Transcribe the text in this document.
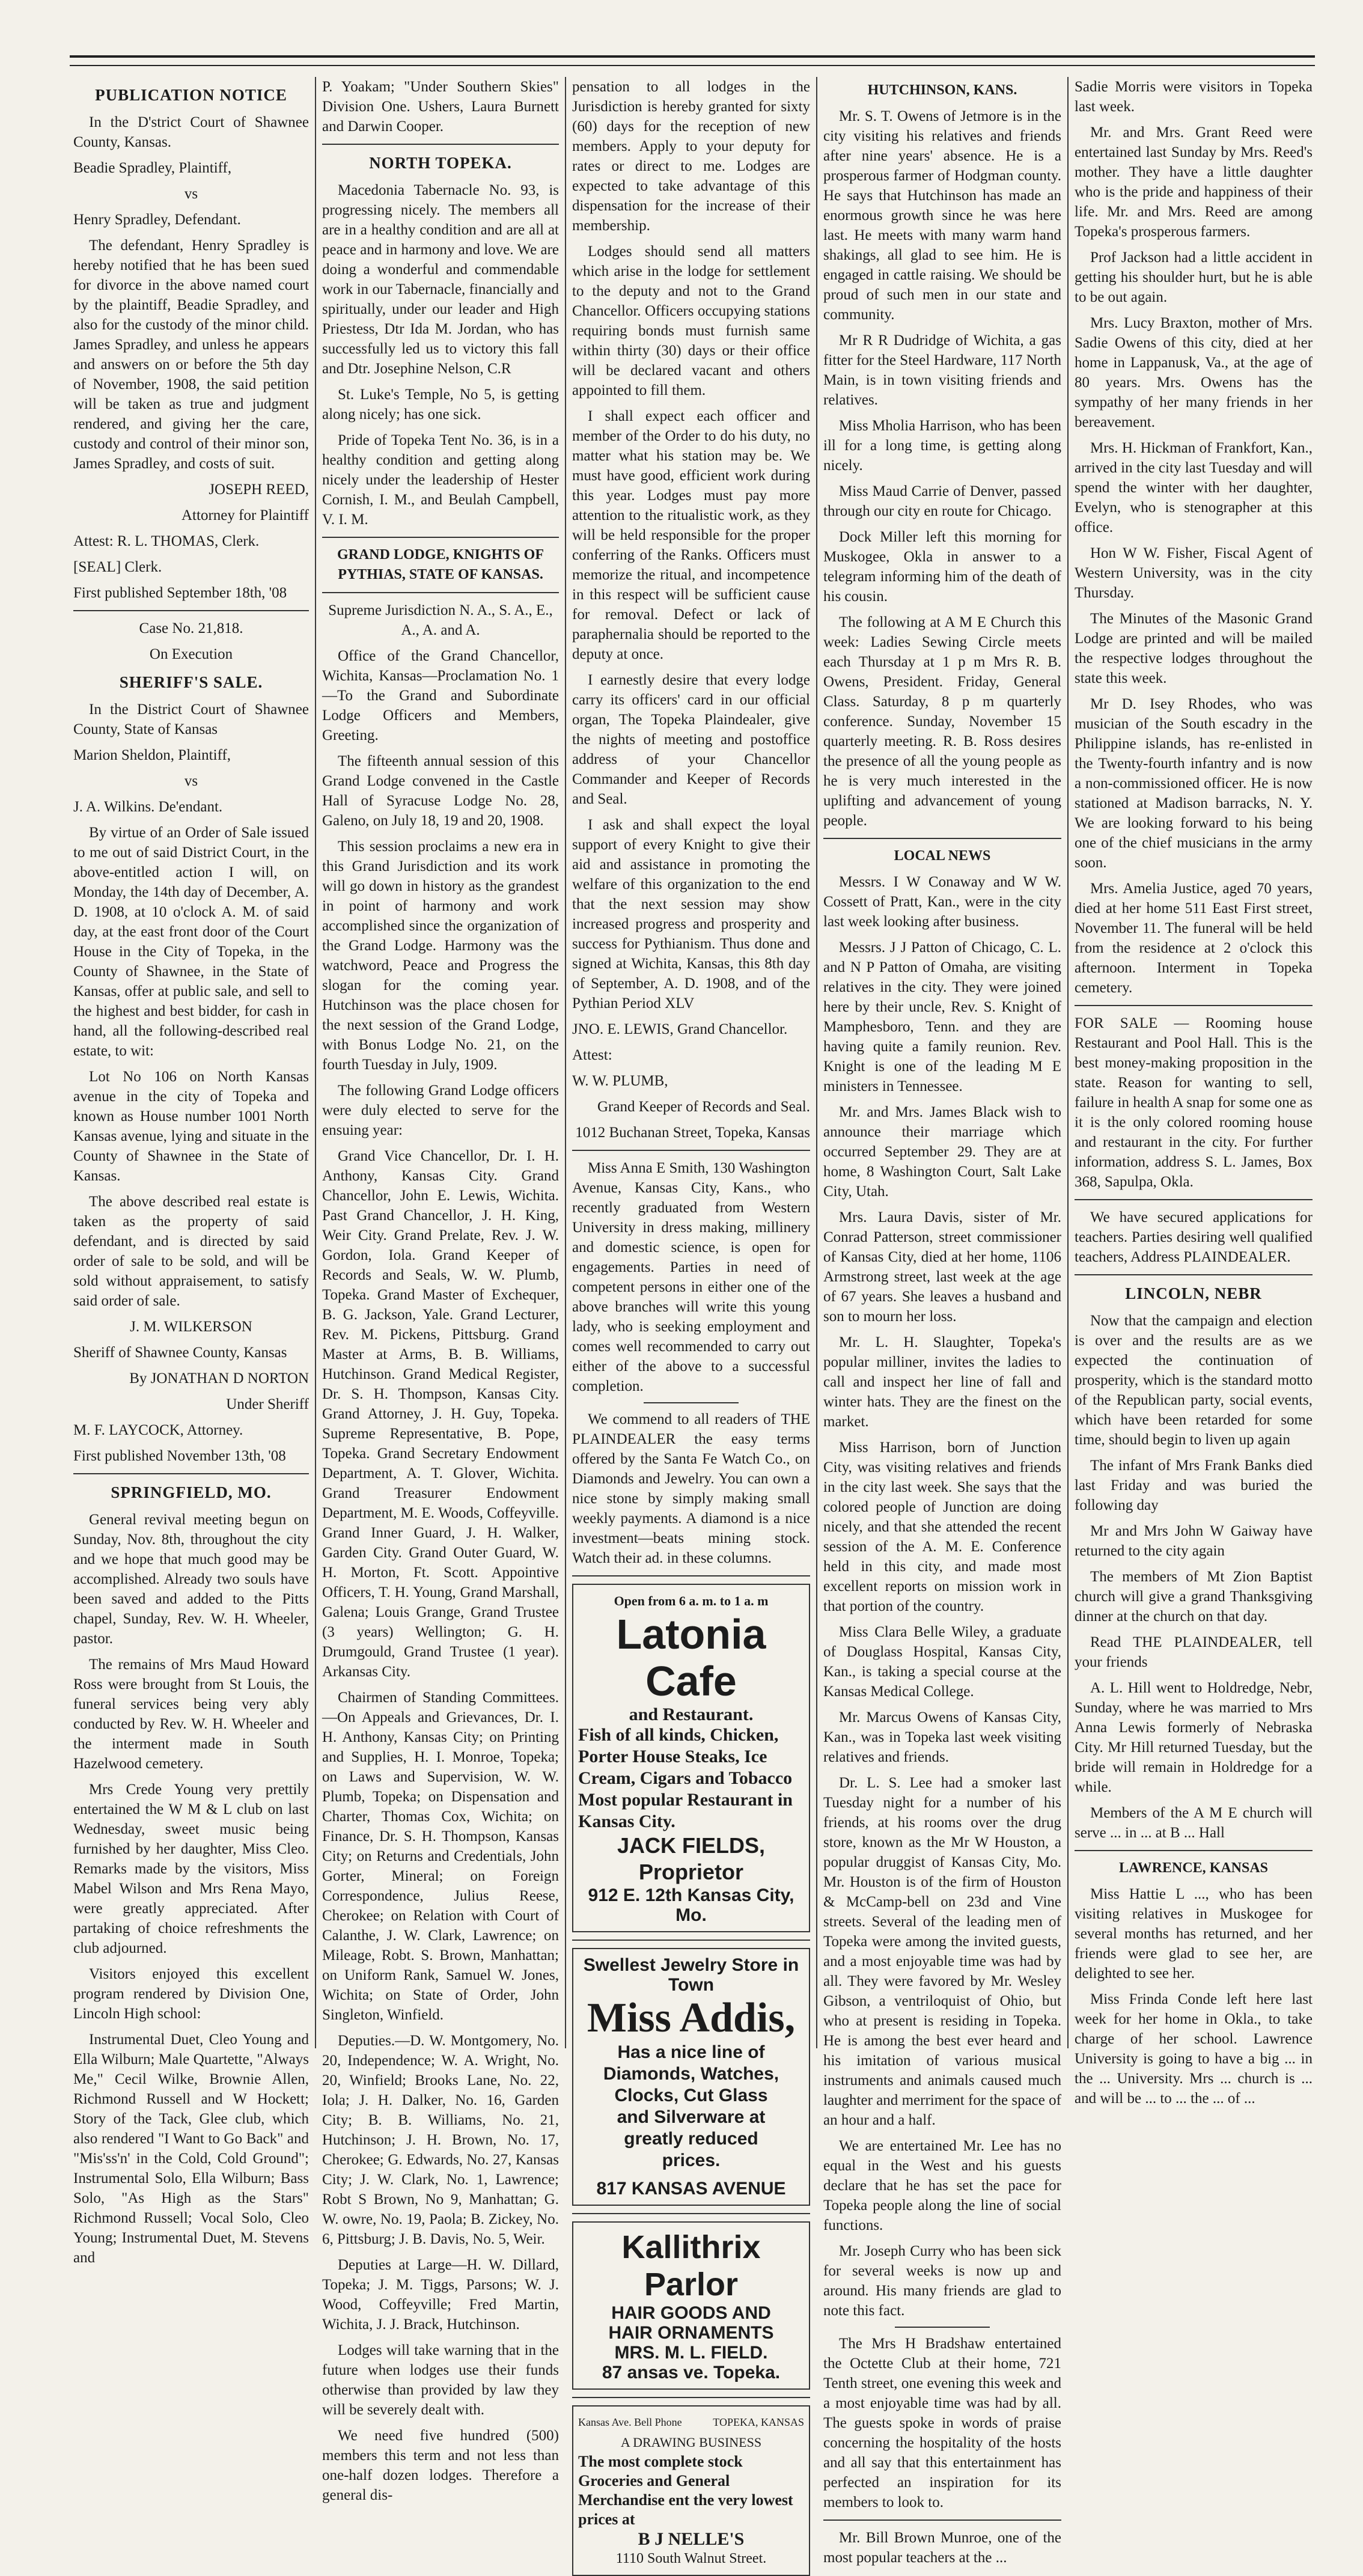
PUBLICATION NOTICE

In the D'strict Court of Shawnee County, Kansas.

Beadie Spradley, Plaintiff,

vs

Henry Spradley, Defendant.

The defendant, Henry Spradley is hereby notified that he has been sued for divorce in the above named court by the plaintiff, Beadie Spradley, and also for the custody of the minor child. James Spradley, and unless he appears and answers on or before the 5th day of November, 1908, the said petition will be taken as true and judgment rendered, and giving her the care, custody and control of their minor son, James Spradley, and costs of suit.

JOSEPH REED,

Attorney for Plaintiff

Attest: R. L. THOMAS, Clerk.

[SEAL] Clerk.

First published September 18th, '08

Case No. 21,818.

On Execution

SHERIFF'S SALE.

In the District Court of Shawnee County, State of Kansas

Marion Sheldon, Plaintiff,

vs

J. A. Wilkins. De'endant.

By virtue of an Order of Sale issued to me out of said District Court, in the above-entitled action I will, on Monday, the 14th day of December, A. D. 1908, at 10 o'clock A. M. of said day, at the east front door of the Court House in the City of Topeka, in the County of Shawnee, in the State of Kansas, offer at public sale, and sell to the highest and best bidder, for cash in hand, all the following-described real estate, to wit:

Lot No 106 on North Kansas avenue in the city of Topeka and known as House number 1001 North Kansas avenue, lying and situate in the County of Shawnee in the State of Kansas.

The above described real estate is taken as the property of said defendant, and is directed by said order of sale to be sold, and will be sold without appraisement, to satisfy said order of sale.

J. M. WILKERSON

Sheriff of Shawnee County, Kansas

By JONATHAN D NORTON

Under Sheriff

M. F. LAYCOCK, Attorney.

First published November 13th, '08

SPRINGFIELD, MO.

General revival meeting begun on Sunday, Nov. 8th, throughout the city and we hope that much good may be accomplished. Already two souls have been saved and added to the Pitts chapel, Sunday, Rev. W. H. Wheeler, pastor.

The remains of Mrs Maud Howard Ross were brought from St Louis, the funeral services being very ably conducted by Rev. W. H. Wheeler and the interment made in South Hazelwood cemetery.

Mrs Crede Young very prettily entertained the W M & L club on last Wednesday, sweet music being furnished by her daughter, Miss Cleo. Remarks made by the visitors, Miss Mabel Wilson and Mrs Rena Mayo, were greatly appreciated. After partaking of choice refreshments the club adjourned.

Visitors enjoyed this excellent program rendered by Division One, Lincoln High school:

Instrumental Duet, Cleo Young and Ella Wilburn; Male Quartette, "Always Me," Cecil Wilke, Brownie Allen, Richmond Russell and W Hockett; Story of the Tack, Glee club, which also rendered "I Want to Go Back" and "Mis'ss'n' in the Cold, Cold Ground"; Instrumental Solo, Ella Wilburn; Bass Solo, "As High as the Stars" Richmond Russell; Vocal Solo, Cleo Young; Instrumental Duet, M. Stevens and

P. Yoakam; "Under Southern Skies" Division One. Ushers, Laura Burnett and Darwin Cooper.

NORTH TOPEKA.

Macedonia Tabernacle No. 93, is progressing nicely. The members all are in a healthy condition and are all at peace and in harmony and love. We are doing a wonderful and commendable work in our Tabernacle, financially and spiritually, under our leader and High Priestess, Dtr Ida M. Jordan, who has successfully led us to victory this fall and Dtr. Josephine Nelson, C.R

St. Luke's Temple, No 5, is getting along nicely; has one sick.

Pride of Topeka Tent No. 36, is in a healthy condition and getting along nicely under the leadership of Hester Cornish, I. M., and Beulah Campbell, V. I. M.

GRAND LODGE, KNIGHTS OF PYTHIAS, STATE OF KANSAS.

Supreme Jurisdiction N. A., S. A., E., A., A. and A.

Office of the Grand Chancellor, Wichita, Kansas—Proclamation No. 1—To the Grand and Subordinate Lodge Officers and Members, Greeting.

The fifteenth annual session of this Grand Lodge convened in the Castle Hall of Syracuse Lodge No. 28, Galeno, on July 18, 19 and 20, 1908.

This session proclaims a new era in this Grand Jurisdiction and its work will go down in history as the grandest in point of harmony and work accomplished since the organization of the Grand Lodge. Harmony was the watchword, Peace and Progress the slogan for the coming year. Hutchinson was the place chosen for the next session of the Grand Lodge, with Bonus Lodge No. 21, on the fourth Tuesday in July, 1909.

The following Grand Lodge officers were duly elected to serve for the ensuing year:

Grand Vice Chancellor, Dr. I. H. Anthony, Kansas City. Grand Chancellor, John E. Lewis, Wichita. Past Grand Chancellor, J. H. King, Weir City. Grand Prelate, Rev. J. W. Gordon, Iola. Grand Keeper of Records and Seals, W. W. Plumb, Topeka. Grand Master of Exchequer, B. G. Jackson, Yale. Grand Lecturer, Rev. M. Pickens, Pittsburg. Grand Master at Arms, B. B. Williams, Hutchinson. Grand Medical Register, Dr. S. H. Thompson, Kansas City. Grand Attorney, J. H. Guy, Topeka. Supreme Representative, B. Pope, Topeka. Grand Secretary Endowment Department, A. T. Glover, Wichita. Grand Treasurer Endowment Department, M. E. Woods, Coffeyville. Grand Inner Guard, J. H. Walker, Garden City. Grand Outer Guard, W. H. Morton, Ft. Scott. Appointive Officers, T. H. Young, Grand Marshall, Galena; Louis Grange, Grand Trustee (3 years) Wellington; G. H. Drumgould, Grand Trustee (1 year). Arkansas City.

Chairmen of Standing Committees.—On Appeals and Grievances, Dr. I. H. Anthony, Kansas City; on Printing and Supplies, H. I. Monroe, Topeka; on Laws and Supervision, W. W. Plumb, Topeka; on Dispensation and Charter, Thomas Cox, Wichita; on Finance, Dr. S. H. Thompson, Kansas City; on Returns and Credentials, John Gorter, Mineral; on Foreign Correspondence, Julius Reese, Cherokee; on Relation with Court of Calanthe, J. W. Clark, Lawrence; on Mileage, Robt. S. Brown, Manhattan; on Uniform Rank, Samuel W. Jones, Wichita; on State of Order, John Singleton, Winfield.

Deputies.—D. W. Montgomery, No. 20, Independence; W. A. Wright, No. 20, Winfield; Brooks Lane, No. 22, Iola; J. H. Dalker, No. 16, Garden City; B. B. Williams, No. 21, Hutchinson; J. H. Brown, No. 17, Cherokee; G. Edwards, No. 27, Kansas City; J. W. Clark, No. 1, Lawrence; Robt S Brown, No 9, Manhattan; G. W. owre, No. 19, Paola; B. Zickey, No. 6, Pittsburg; J. B. Davis, No. 5, Weir.

Deputies at Large—H. W. Dillard, Topeka; J. M. Tiggs, Parsons; W. J. Wood, Coffeyville; Fred Martin, Wichita, J. J. Brack, Hutchinson.

Lodges will take warning that in the future when lodges use their funds otherwise than provided by law they will be severely dealt with.

We need five hundred (500) members this term and not less than one-half dozen lodges. Therefore a general dis-

pensation to all lodges in the Jurisdiction is hereby granted for sixty (60) days for the reception of new members. Apply to your deputy for rates or direct to me. Lodges are expected to take advantage of this dispensation for the increase of their membership.

Lodges should send all matters which arise in the lodge for settlement to the deputy and not to the Grand Chancellor. Officers occupying stations requiring bonds must furnish same within thirty (30) days or their office will be declared vacant and others appointed to fill them.

I shall expect each officer and member of the Order to do his duty, no matter what his station may be. We must have good, efficient work during this year. Lodges must pay more attention to the ritualistic work, as they will be held responsible for the proper conferring of the Ranks. Officers must memorize the ritual, and incompetence in this respect will be sufficient cause for removal. Defect or lack of paraphernalia should be reported to the deputy at once.

I earnestly desire that every lodge carry its officers' card in our official organ, The Topeka Plaindealer, give the nights of meeting and postoffice address of your Chancellor Commander and Keeper of Records and Seal.

I ask and shall expect the loyal support of every Knight to give their aid and assistance in promoting the welfare of this organization to the end that the next session may show increased progress and prosperity and success for Pythianism. Thus done and signed at Wichita, Kansas, this 8th day of September, A. D. 1908, and of the Pythian Period XLV

JNO. E. LEWIS, Grand Chancellor.

Attest:

W. W. PLUMB,

Grand Keeper of Records and Seal.

1012 Buchanan Street, Topeka, Kansas

Miss Anna E Smith, 130 Washington Avenue, Kansas City, Kans., who recently graduated from Western University in dress making, millinery and domestic science, is open for engagements. Parties in need of competent persons in either one of the above branches will write this young lady, who is seeking employment and comes well recommended to carry out either of the above to a successful completion.

We commend to all readers of THE PLAINDEALER the easy terms offered by the Santa Fe Watch Co., on Diamonds and Jewelry. You can own a nice stone by simply making small weekly payments. A diamond is a nice investment—beats mining stock. Watch their ad. in these columns.

Open from 6 a. m. to 1 a. m
Latonia Cafe
and Restaurant.
Fish of all kinds, Chicken, Porter House Steaks, Ice Cream, Cigars and Tobacco Most popular Restaurant in Kansas City.
JACK FIELDS, Proprietor
912 E. 12th Kansas City, Mo.
Swellest Jewelry Store in Town
Miss Addis,
Has a nice line of Diamonds, Watches, Clocks, Cut Glass and Silverware at greatly reduced prices.
817 KANSAS AVENUE
Kallithrix Parlor
HAIR GOODS AND
HAIR ORNAMENTS
MRS. M. L. FIELD.
87 ansas ve. Topeka.
Kansas Ave. Bell Phone	TOPEKA, KANSAS
A DRAWING BUSINESS
The most complete stock Groceries and General Merchandise ent the very lowest prices at
B J NELLE'S
1110 South Walnut Street.
HUTCHINSON, KANS.

Mr. S. T. Owens of Jetmore is in the city visiting his relatives and friends after nine years' absence. He is a prosperous farmer of Hodgman county. He says that Hutchinson has made an enormous growth since he was here last. He meets with many warm hand shakings, all glad to see him. He is engaged in cattle raising. We should be proud of such men in our state and community.

Mr R R Dudridge of Wichita, a gas fitter for the Steel Hardware, 117 North Main, is in town visiting friends and relatives.

Miss Mholia Harrison, who has been ill for a long time, is getting along nicely.

Miss Maud Carrie of Denver, passed through our city en route for Chicago.

Dock Miller left this morning for Muskogee, Okla in answer to a telegram informing him of the death of his cousin.

The following at A M E Church this week: Ladies Sewing Circle meets each Thursday at 1 p m Mrs R. B. Owens, President. Friday, General Class. Saturday, 8 p m quarterly conference. Sunday, November 15 quarterly meeting. R. B. Ross desires the presence of all the young people as he is very much interested in the uplifting and advancement of young people.

LOCAL NEWS

Messrs. I W Conaway and W W. Cossett of Pratt, Kan., were in the city last week looking after business.

Messrs. J J Patton of Chicago, C. L. and N P Patton of Omaha, are visiting relatives in the city. They were joined here by their uncle, Rev. S. Knight of Mamphesboro, Tenn. and they are having quite a family reunion. Rev. Knight is one of the leading M E ministers in Tennessee.

Mr. and Mrs. James Black wish to announce their marriage which occurred September 29. They are at home, 8 Washington Court, Salt Lake City, Utah.

Mrs. Laura Davis, sister of Mr. Conrad Patterson, street commissioner of Kansas City, died at her home, 1106 Armstrong street, last week at the age of 67 years. She leaves a husband and son to mourn her loss.

Mr. L. H. Slaughter, Topeka's popular milliner, invites the ladies to call and inspect her line of fall and winter hats. They are the finest on the market.

Miss Harrison, born of Junction City, was visiting relatives and friends in the city last week. She says that the colored people of Junction are doing nicely, and that she attended the recent session of the A. M. E. Conference held in this city, and made most excellent reports on mission work in that portion of the country.

Miss Clara Belle Wiley, a graduate of Douglass Hospital, Kansas City, Kan., is taking a special course at the Kansas Medical College.

Mr. Marcus Owens of Kansas City, Kan., was in Topeka last week visiting relatives and friends.

Dr. L. S. Lee had a smoker last Tuesday night for a number of his friends, at his rooms over the drug store, known as the Mr W Houston, a popular druggist of Kansas City, Mo. Mr. Houston is of the firm of Houston & McCamp-bell on 23d and Vine streets. Several of the leading men of Topeka were among the invited guests, and a most enjoyable time was had by all. They were favored by Mr. Wesley Gibson, a ventriloquist of Ohio, but who at present is residing in Topeka. He is among the best ever heard and his imitation of various musical instruments and animals caused much laughter and merriment for the space of an hour and a half.

We are entertained Mr. Lee has no equal in the West and his guests declare that he has set the pace for Topeka people along the line of social functions.

Mr. Joseph Curry who has been sick for several weeks is now up and around. His many friends are glad to note this fact.

The Mrs H Bradshaw entertained the Octette Club at their home, 721 Tenth street, one evening this week and a most enjoyable time was had by all. The guests spoke in words of praise concerning the hospitality of the hosts and all say that this entertainment has perfected an inspiration for its members to look to.

Mr. Bill Brown Munroe, one of the most popular teachers at the ...

Sadie Morris were visitors in Topeka last week.

Mr. and Mrs. Grant Reed were entertained last Sunday by Mrs. Reed's mother. They have a little daughter who is the pride and happiness of their life. Mr. and Mrs. Reed are among Topeka's prosperous farmers.

Prof Jackson had a little accident in getting his shoulder hurt, but he is able to be out again.

Mrs. Lucy Braxton, mother of Mrs. Sadie Owens of this city, died at her home in Lappanusk, Va., at the age of 80 years. Mrs. Owens has the sympathy of her many friends in her bereavement.

Mrs. H. Hickman of Frankfort, Kan., arrived in the city last Tuesday and will spend the winter with her daughter, Evelyn, who is stenographer at this office.

Hon W W. Fisher, Fiscal Agent of Western University, was in the city Thursday.

The Minutes of the Masonic Grand Lodge are printed and will be mailed the respective lodges throughout the state this week.

Mr D. Isey Rhodes, who was musician of the South escadry in the Philippine islands, has re-enlisted in the Twenty-fourth infantry and is now a non-commissioned officer. He is now stationed at Madison barracks, N. Y. We are looking forward to his being one of the chief musicians in the army soon.

Mrs. Amelia Justice, aged 70 years, died at her home 511 East First street, November 11. The funeral will be held from the residence at 2 o'clock this afternoon. Interment in Topeka cemetery.

FOR SALE — Rooming house Restaurant and Pool Hall. This is the best money-making proposition in the state. Reason for wanting to sell, failure in health A snap for some one as it is the only colored rooming house and restaurant in the city. For further information, address S. L. James, Box 368, Sapulpa, Okla.

We have secured applications for teachers. Parties desiring well qualified teachers, Address PLAINDEALER.

LINCOLN, NEBR

Now that the campaign and election is over and the results are as we expected the continuation of prosperity, which is the standard motto of the Republican party, social events, which have been retarded for some time, should begin to liven up again

The infant of Mrs Frank Banks died last Friday and was buried the following day

Mr and Mrs John W Gaiway have returned to the city again

The members of Mt Zion Baptist church will give a grand Thanksgiving dinner at the church on that day.

Read THE PLAINDEALER, tell your friends

A. L. Hill went to Holdredge, Nebr, Sunday, where he was married to Mrs Anna Lewis formerly of Nebraska City. Mr Hill returned Tuesday, but the bride will remain in Holdredge for a while.

Members of the A M E church will serve ... in ... at B ... Hall

LAWRENCE, KANSAS

Miss Hattie L ..., who has been visiting relatives in Muskogee for several months has returned, and her friends were glad to see her, are delighted to see her.

Miss Frinda Conde left here last week for her home in Okla., to take charge of her school. Lawrence University is going to have a big ... in the ... University. Mrs ... church is ... and will be ... to ... the ... of ...
